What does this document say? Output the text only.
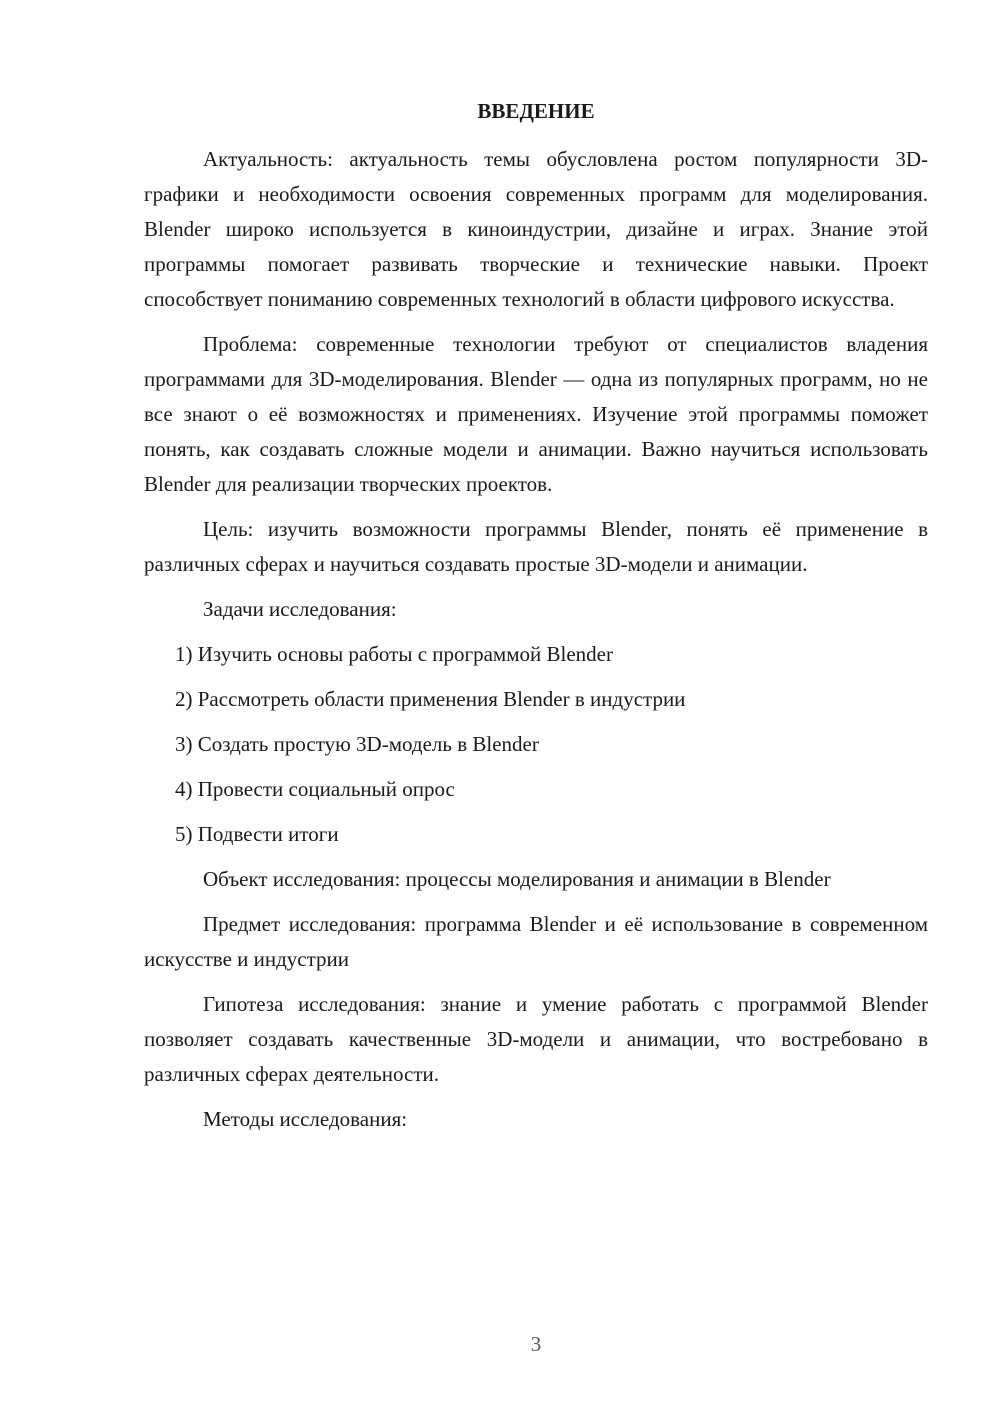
ВВЕДЕНИЕ

Актуальность: актуальность темы обусловлена ростом популярности 3D-графики и необходимости освоения современных программ для моделирования. Blender широко используется в киноиндустрии, дизайне и играх. Знание этой программы помогает развивать творческие и технические навыки. Проект способствует пониманию современных технологий в области цифрового искусства.

Проблема: современные технологии требуют от специалистов владения программами для 3D-моделирования. Blender — одна из популярных программ, но не все знают о её возможностях и применениях. Изучение этой программы поможет понять, как создавать сложные модели и анимации. Важно научиться использовать Blender для реализации творческих проектов.

Цель: изучить возможности программы Blender, понять её применение в различных сферах и научиться создавать простые 3D-модели и анимации.

Задачи исследования:

1) Изучить основы работы с программой Blender
2) Рассмотреть области применения Blender в индустрии
3) Создать простую 3D-модель в Blender
4) Провести социальный опрос
5) Подвести итоги

Объект исследования: процессы моделирования и анимации в Blender

Предмет исследования: программа Blender и её использование в современном искусстве и индустрии

Гипотеза исследования: знание и умение работать с программой Blender позволяет создавать качественные 3D-модели и анимации, что востребовано в различных сферах деятельности.

Методы исследования:

3
